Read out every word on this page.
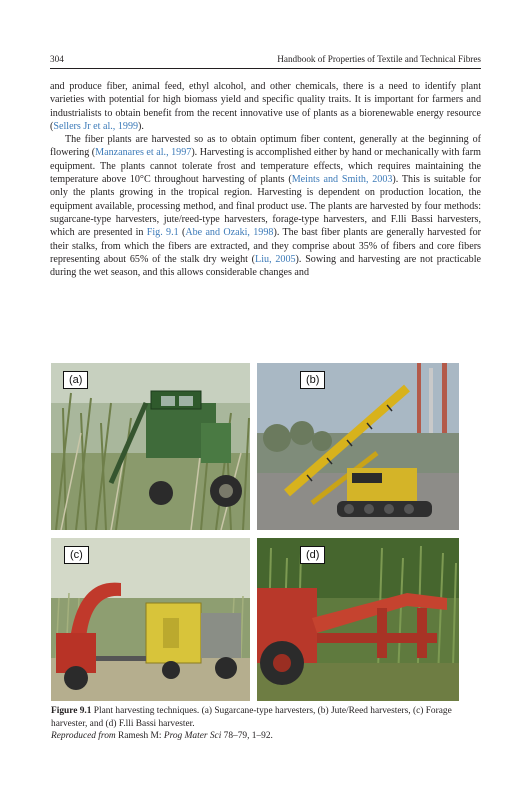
304	Handbook of Properties of Textile and Technical Fibres

and produce fiber, animal feed, ethyl alcohol, and other chemicals, there is a need to identify plant varieties with potential for high biomass yield and specific quality traits. It is important for farmers and industrialists to obtain benefit from the recent innovative use of plants as a biorenewable energy resource (Sellers Jr et al., 1999).

The fiber plants are harvested so as to obtain optimum fiber content, generally at the beginning of flowering (Manzanares et al., 1997). Harvesting is accomplished either by hand or mechanically with farm equipment. The plants cannot tolerate frost and temperature effects, which requires maintaining the temperature above 10°C throughout harvesting of plants (Meints and Smith, 2003). This is suitable for only the plants growing in the tropical region. Harvesting is dependent on production location, the equipment available, processing method, and final product use. The plants are harvested by four methods: sugarcane-type harvesters, jute/reed-type harvesters, forage-type harvesters, and F.lli Bassi harvesters, which are presented in Fig. 9.1 (Abe and Ozaki, 1998). The bast fiber plants are generally harvested for their stalks, from which the fibers are extracted, and they comprise about 35% of fibers and core fibers representing about 65% of the stalk dry weight (Liu, 2005). Sowing and harvesting are not practicable during the wet season, and this allows considerable changes and

(a)	(b)
(c)	(d)
Figure 9.1 Plant harvesting techniques. (a) Sugarcane-type harvesters, (b) Jute/Reed harvesters, (c) Forage harvester, and (d) F.lli Bassi harvester.
Reproduced from Ramesh M: Prog Mater Sci 78–79, 1–92.
